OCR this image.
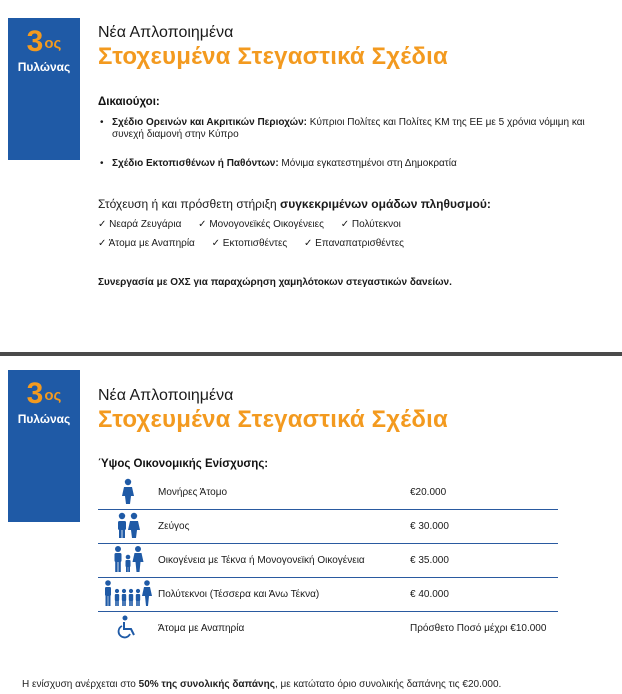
$3^{o\varsigma}$
Πυλώνας
Νέα Απλοποιημένα
Στοχευμένα Στεγαστικά Σχέδια
Δικαιούχοι:
• Σχέδιο Ορεινών και Ακριτικών Περιοχών: Κύπριοι Πολίτες και Πολίτες ΚΜ της ΕΕ με 5 χρόνια νόμιμη και συνεχή διαμονή στην Κύπρο
• Σχέδιο Εκτοπισθένων ή Παθόντων: Μόνιμα εγκατεστημένοι στη Δημοκρατία
Στόχευση ή και πρόσθετη στήριξη συγκεκριμένων ομάδων πληθυσμού:
✓ Νεαρά Ζευγάρια ✓ Μονογονεϊκές Οικογένειες ✓ Πολύτεκνοι
✓ Άτομα με Αναπηρία ✓ Εκτοπισθέντες ✓ Επαναπατρισθέντες
Συνεργασία με ΟΧΣ για παραχώρηση χαμηλότοκων στεγαστικών δανείων.
$3^{o\varsigma}$
Πυλώνας
Νέα Απλοποιημένα
Στοχευμένα Στεγαστικά Σχέδια
Ύψος Οικονομικής Ενίσχυσης:
	Μονήρες Άτομο	€20.000
	Ζεύγος	€ 30.000
	Οικογένεια με Τέκνα ή Μονογονεϊκή Οικογένεια	€ 35.000
	Πολύτεκνοι (Τέσσερα και Άνω Τέκνα)	€ 40.000
	Άτομα με Αναπηρία	Πρόσθετο Ποσό μέχρι €10.000
Η ενίσχυση ανέρχεται στο 50% της συνολικής δαπάνης, με κατώτατο όριο συνολικής δαπάνης τις €20.000.
